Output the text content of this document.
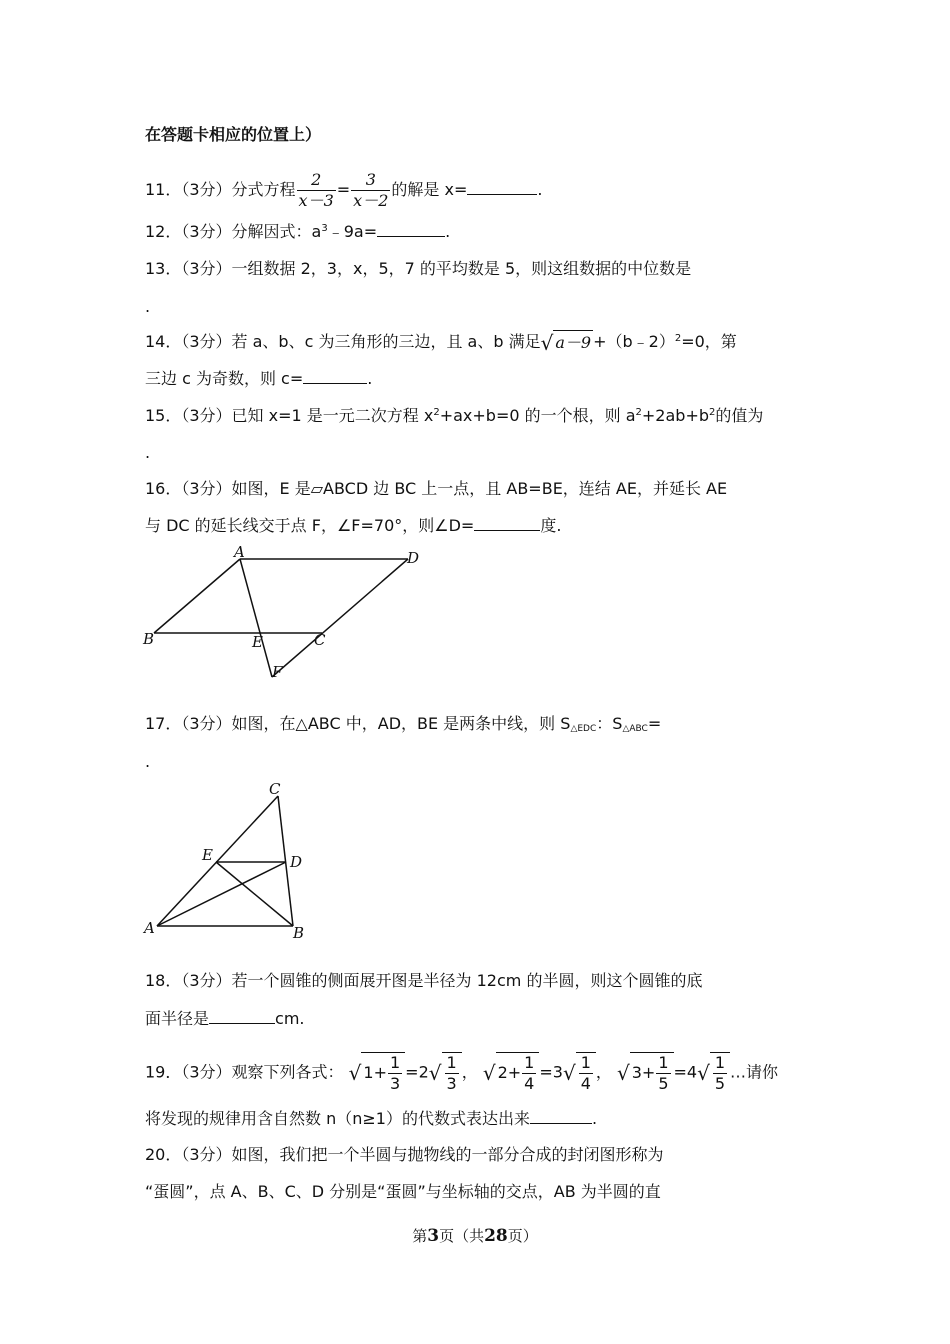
在答题卡相应的位置上）
11．（3分）分式方程 $\frac{2}{x-3} = \frac{3}{x-2}$ 的解是 x=	.
12．（3分）分解因式：$a^3﹣9a=$	.
13．（3分）一组数据 2，3，x，5，7 的平均数是 5，则这组数据的中位数是
.
14．（3分）若 a、b、c 为三角形的三边，且 a、b 满足√ a－9 +（b﹣2）$^2$=0，第
三边 c 为奇数，则 c=	.
15．（3分）已知 x=1 是一元二次方程 $x^2+ax+b=0$ 的一个根，则 $a^2+2ab+b^2$的值为
.
16．（3分）如图，E 是▱ABCD 边 BC 上一点，且 AB=BE，连结 AE，并延长 AE
与 DC 的延长线交于点 F，∠F=70°，则∠D=	度.
A	D
B	E	C
F
17．（3分）如图，在△ABC 中，AD，BE 是两条中线，则 $S_{\triangle EDC}$：$S_{\triangle ABC}=$
.
C
E	D
A	B
18．（3分）若一个圆锥的侧面展开图是半径为 12cm 的半圆，则这个圆锥的底
面半径是	cm.
19．（3分）观察下列各式： √ $1+ \frac{1}{3} =2√ \frac{1}{3}$ ， √ $2+ \frac{1}{4} =3√ \frac{1}{4}$ ， √ $3+ \frac{1}{5} =4√ \frac{1}{5}$ …请你
将发现的规律用含自然数 n（n≥1）的代数式表达出来	.
20．（3分）如图，我们把一个半圆与抛物线的一部分合成的封闭图形称为
“蛋圆”，点 A、B、C、D 分别是“蛋圆”与坐标轴的交点，AB 为半圆的直
第3页（共28页）
